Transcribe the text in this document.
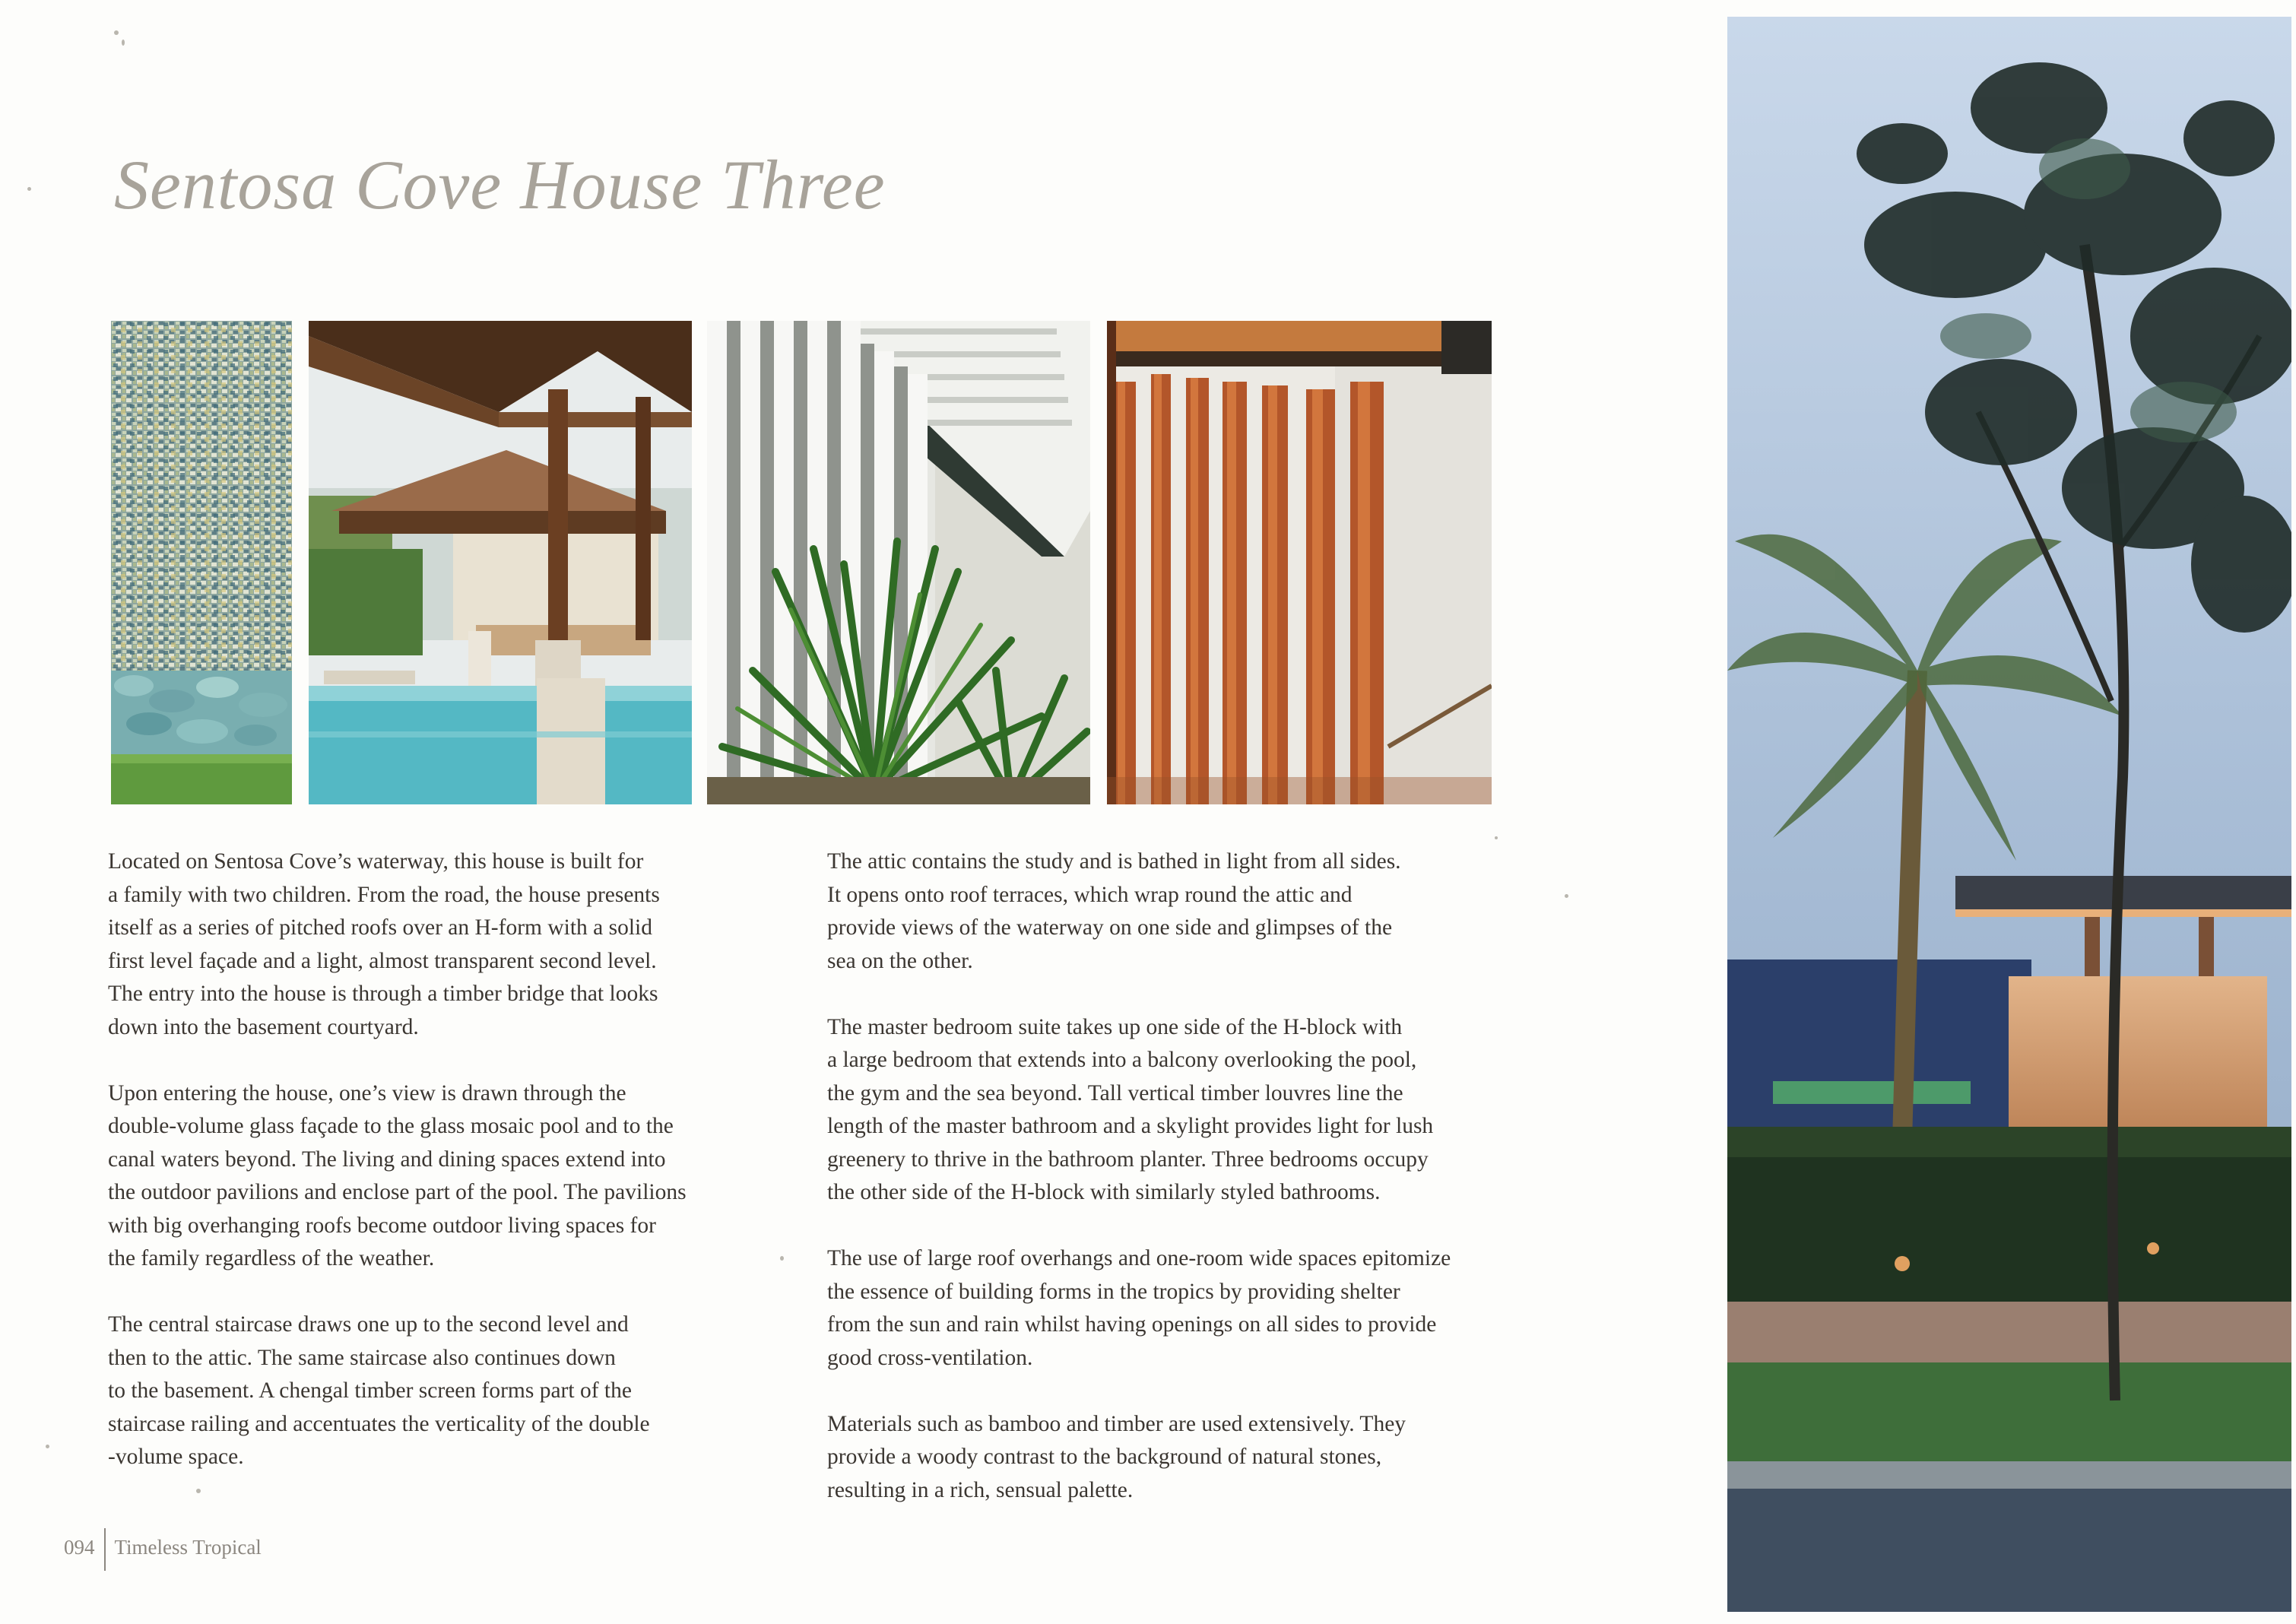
Sentosa Cove House Three

Located on Sentosa Cove’s waterway, this house is built for
a family with two children. From the road, the house presents
itself as a series of pitched roofs over an H-form with a solid
first level façade and a light, almost transparent second level.
The entry into the house is through a timber bridge that looks
down into the basement courtyard.

Upon entering the house, one’s view is drawn through the
double-volume glass façade to the glass mosaic pool and to the
canal waters beyond. The living and dining spaces extend into
the outdoor pavilions and enclose part of the pool. The pavilions
with big overhanging roofs become outdoor living spaces for
the family regardless of the weather.

The central staircase draws one up to the second level and
then to the attic. The same staircase also continues down
to the basement. A chengal timber screen forms part of the
staircase railing and accentuates the verticality of the double
-volume space.

The attic contains the study and is bathed in light from all sides.
It opens onto roof terraces, which wrap round the attic and
provide views of the waterway on one side and glimpses of the
sea on the other.

The master bedroom suite takes up one side of the H-block with
a large bedroom that extends into a balcony overlooking the pool,
the gym and the sea beyond. Tall vertical timber louvres line the
length of the master bathroom and a skylight provides light for lush
greenery to thrive in the bathroom planter. Three bedrooms occupy
the other side of the H-block with similarly styled bathrooms.

The use of large roof overhangs and one-room wide spaces epitomize
the essence of building forms in the tropics by providing shelter
from the sun and rain whilst having openings on all sides to provide
good cross-ventilation.

Materials such as bamboo and timber are used extensively. They
provide a woody contrast to the background of natural stones,
resulting in a rich, sensual palette.

094 Timeless Tropical
